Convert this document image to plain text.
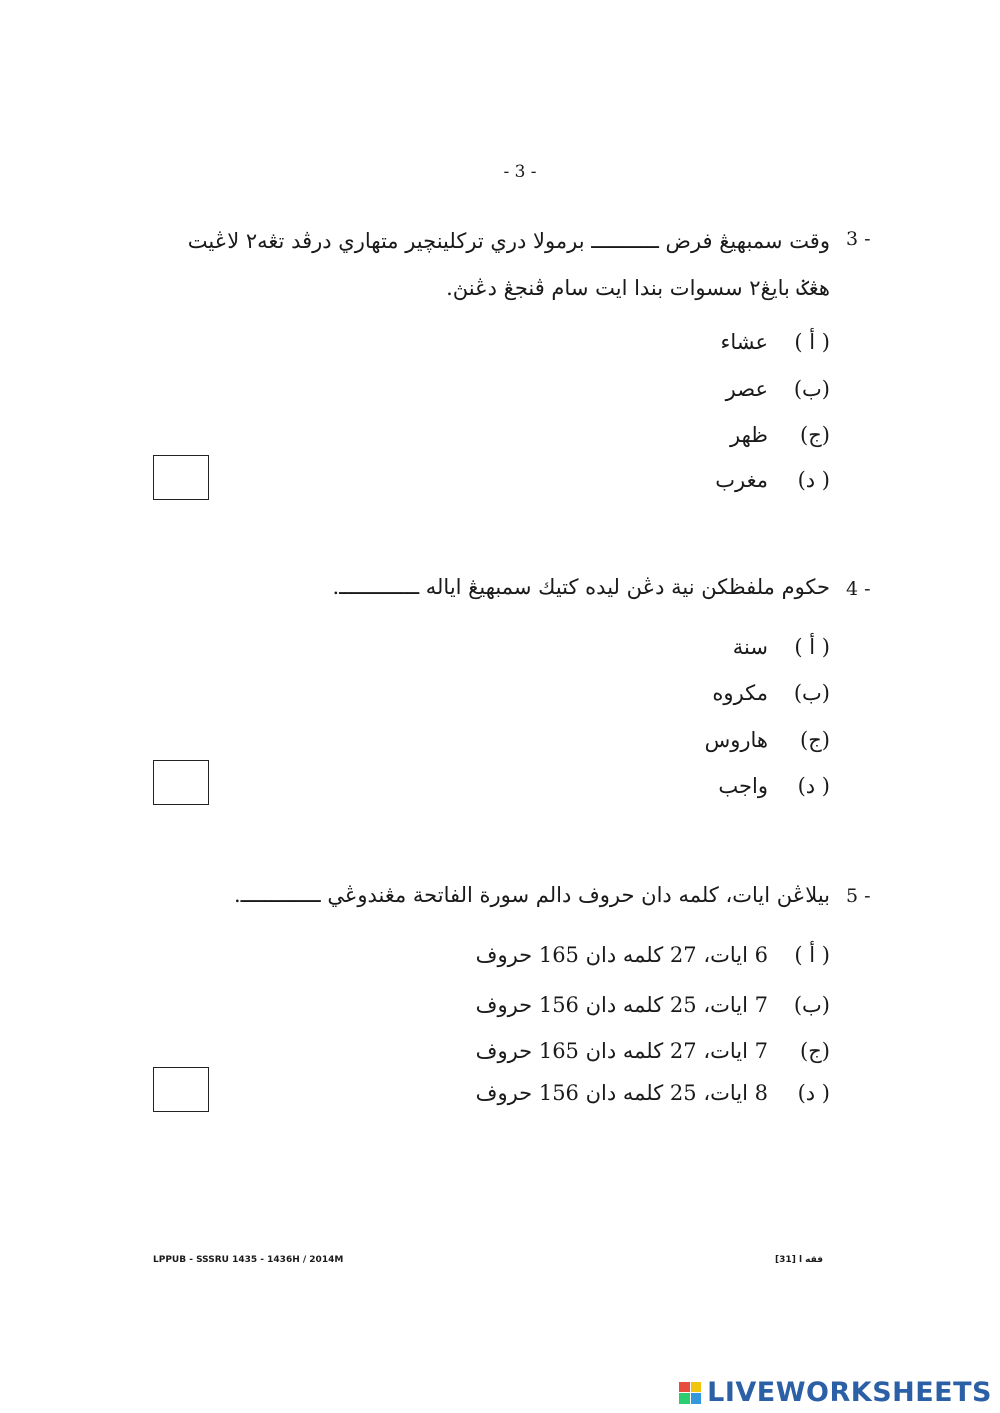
- 3 -
3 -
وقت سمبهيڠ فرض ـــــــــــ برمولا دري تركلينچير متهاري درڤد تڠه٢ لاڠيت هڠݢ بايڠ٢ سسوات بندا ايت سام ڤنجڠ دڠنڽ.
( أ )
عشاء
(ب)
عصر
(ج)
ظهر
( د)
مغرب
4 -
حكوم ملفظكن نية دڠن ليده كتيك سمبهيڠ اياله ـــــــــــــ.
( أ )
سنة
(ب)
مكروه
(ج)
هاروس
( د)
واجب
5 -
بيلاڠن ايات، كلمه دان حروف دالم سورة الفاتحة مڠندوڠي ـــــــــــــ.
( أ )
6 ايات، 27 كلمه دان 165 حروف
(ب)
7 ايات، 25 كلمه دان 156 حروف
(ج)
7 ايات، 27 كلمه دان 165 حروف
( د)
8 ايات، 25 كلمه دان 156 حروف
LPPUB - SSSRU 1435 - 1436H / 2014M	فقه ا [31]
LIVEWORKSHEETS
